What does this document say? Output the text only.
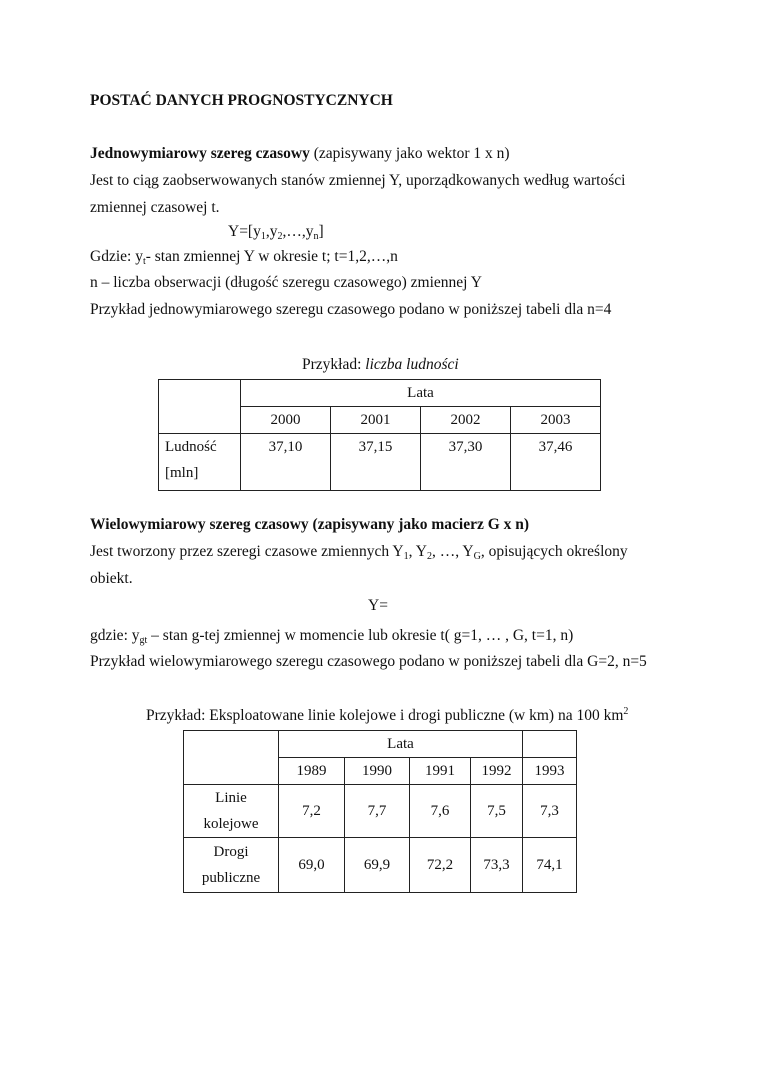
POSTAĆ DANYCH PROGNOSTYCZNYCH
Jednowymiarowy szereg czasowy (zapisywany jako wektor 1 x n)
Jest to ciąg zaobserwowanych stanów zmiennej Y, uporządkowanych według wartości
zmiennej czasowej t.
$Y=[y_1,y_2,\dots,y_n]$
Gdzie: $y_t-$ stan zmiennej Y w okresie t; t=1,2,…,n
n – liczba obserwacji (długość szeregu czasowego) zmiennej Y
Przykład jednowymiarowego szeregu czasowego podano w poniższej tabeli dla n=4
Przykład: liczba ludności
	Lata			
	2000	2001	2002	2003
Ludność
[mln]	37,10	37,15	37,30	37,46
Wielowymiarowy szereg czasowy (zapisywany jako macierz G x n)
Jest tworzony przez szeregi czasowe zmiennych $Y_1$, $Y_2$, …, $Y_G$, opisujących określony
obiekt.
Y=
gdzie: $y_{gt}$ – stan g-tej zmiennej w momencie lub okresie t( g=1, … , G, t=1, n)
Przykład wielowymiarowego szeregu czasowego podano w poniższej tabeli dla G=2, n=5
Przykład: Eksploatowane linie kolejowe i drogi publiczne (w km) na 100 $km^2$
	Lata				
	1989	1990	1991	1992	1993
Linie
kolejowe	7,2	7,7	7,6	7,5	7,3
Drogi
publiczne	69,0	69,9	72,2	73,3	74,1
